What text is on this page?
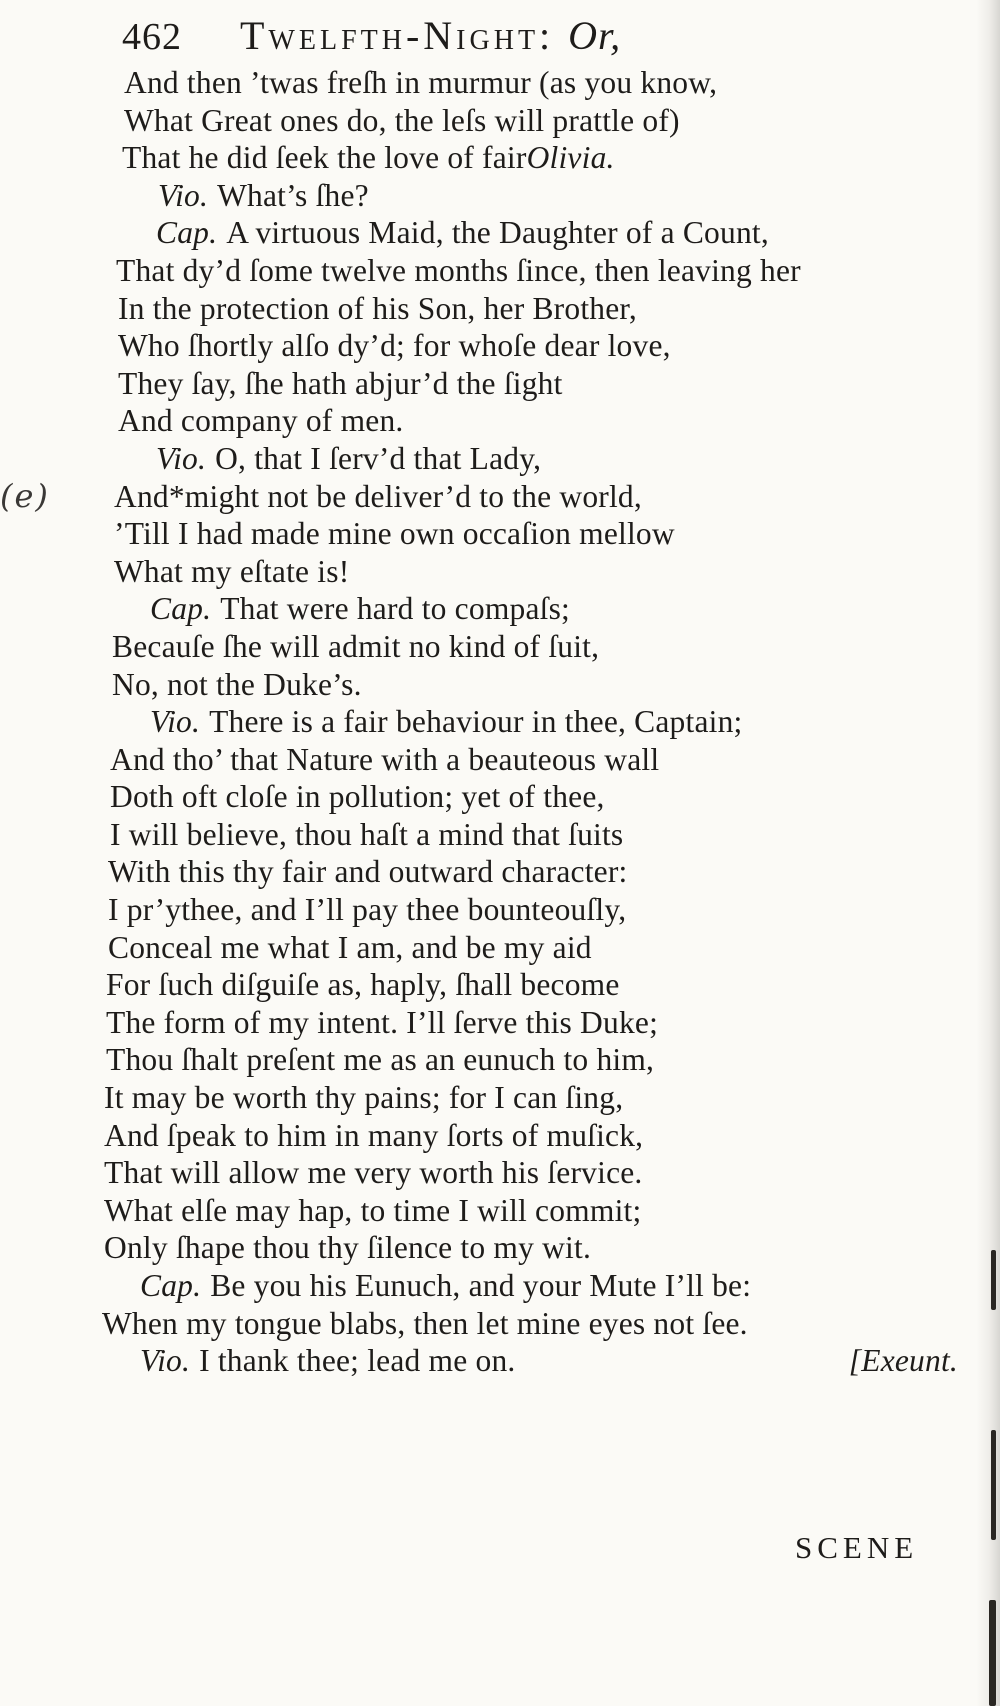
462 Twelfth-Night: Or,
(e)
And then ’twas freſh in murmur (as you know,
What Great ones do, the leſs will prattle of)
That he did ſeek the love of fairOlivia.
Vio. What’s ſhe?
Cap. A virtuous Maid, the Daughter of a Count,
That dy’d ſome twelve months ſince, then leaving her
In the protection of his Son, her Brother,
Who ſhortly alſo dy’d; for whoſe dear love,
They ſay, ſhe hath abjur’d the ſight
And company of men.
Vio. O, that I ſerv’d that Lady,
And*might not be deliver’d to the world,
’Till I had made mine own occaſion mellow
What my eſtate is!
Cap. That were hard to compaſs;
Becauſe ſhe will admit no kind of ſuit,
No, not the Duke’s.
Vio. There is a fair behaviour in thee, Captain;
And tho’ that Nature with a beauteous wall
Doth oft cloſe in pollution; yet of thee,
I will believe, thou haſt a mind that ſuits
With this thy fair and outward character:
I pr’ythee, and I’ll pay thee bounteouſly,
Conceal me what I am, and be my aid
For ſuch diſguiſe as, haply, ſhall become
The form of my intent. I’ll ſerve this Duke;
Thou ſhalt preſent me as an eunuch to him,
It may be worth thy pains; for I can ſing,
And ſpeak to him in many ſorts of muſick,
That will allow me very worth his ſervice.
What elſe may hap, to time I will commit;
Only ſhape thou thy ſilence to my wit.
Cap. Be you his Eunuch, and your Mute I’ll be:
When my tongue blabs, then let mine eyes not ſee.
Vio. I thank thee; lead me on.	[Exeunt.
SCENE
